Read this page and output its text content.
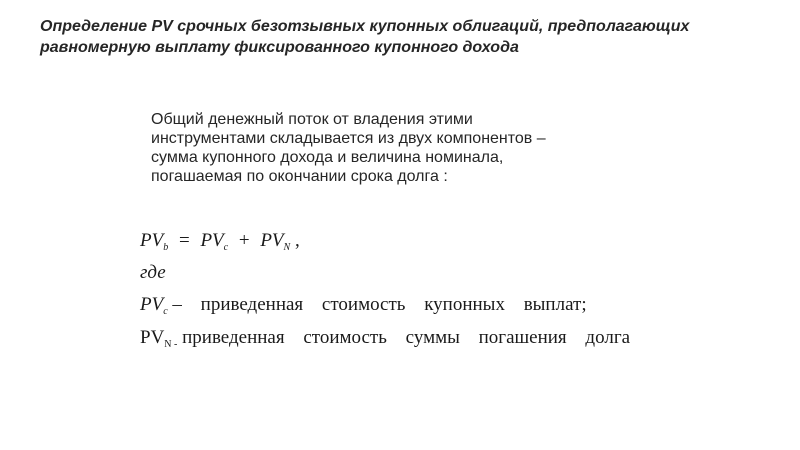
Определение PV срочных безотзывных купонных облигаций, предполагающих равномерную выплату фиксированного купонного дохода
Общий денежный поток от владения этими
инструментами складывается из двух компонентов –
сумма купонного дохода и величина номинала,
погашаемая по окончании срока долга :
$PV_b = PV_c + PV_N$ ,
где
$PV_c$ – приведенная стоимость купонных выплат;
$PV_{N -}$ приведенная стоимость суммы погашения долга
